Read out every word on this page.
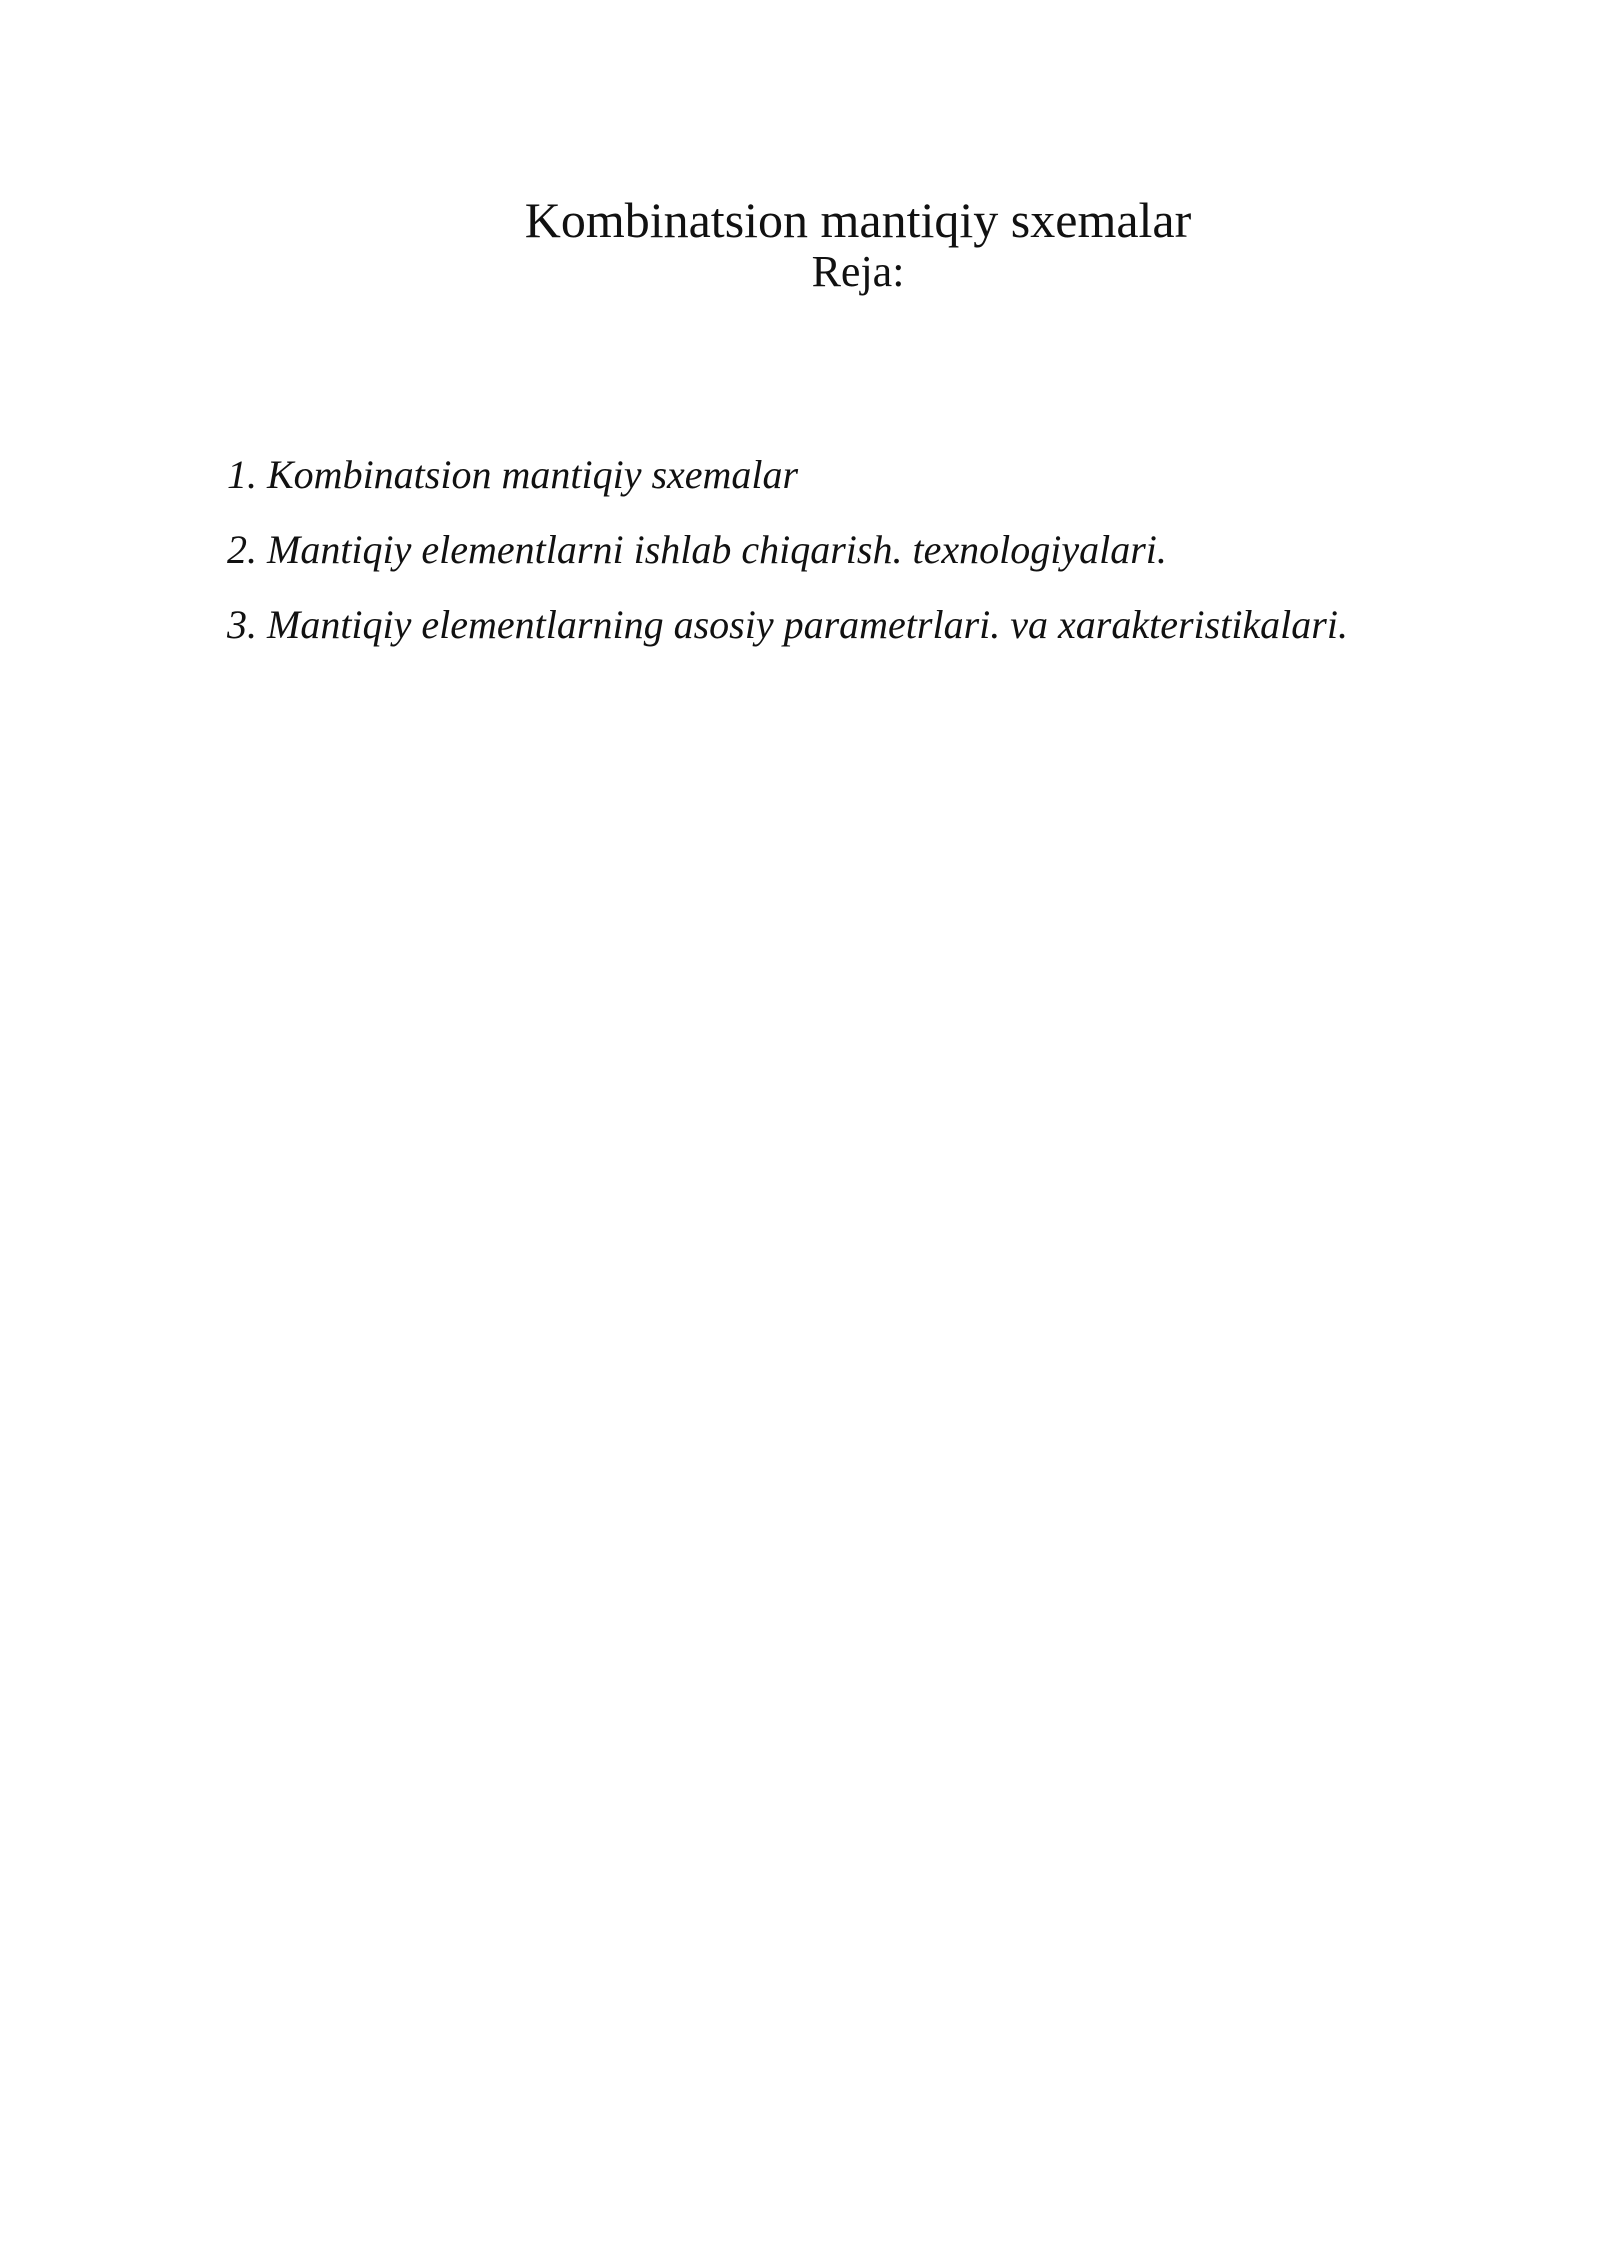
Kombinatsion mantiqiy sxemalar
Reja:
1. Kombinatsion mantiqiy sxemalar
2. Mantiqiy elementlarni ishlab chiqarish. texnologiyalari.
3. Mantiqiy elementlarning asosiy parametrlari. va xarakteristikalari.
